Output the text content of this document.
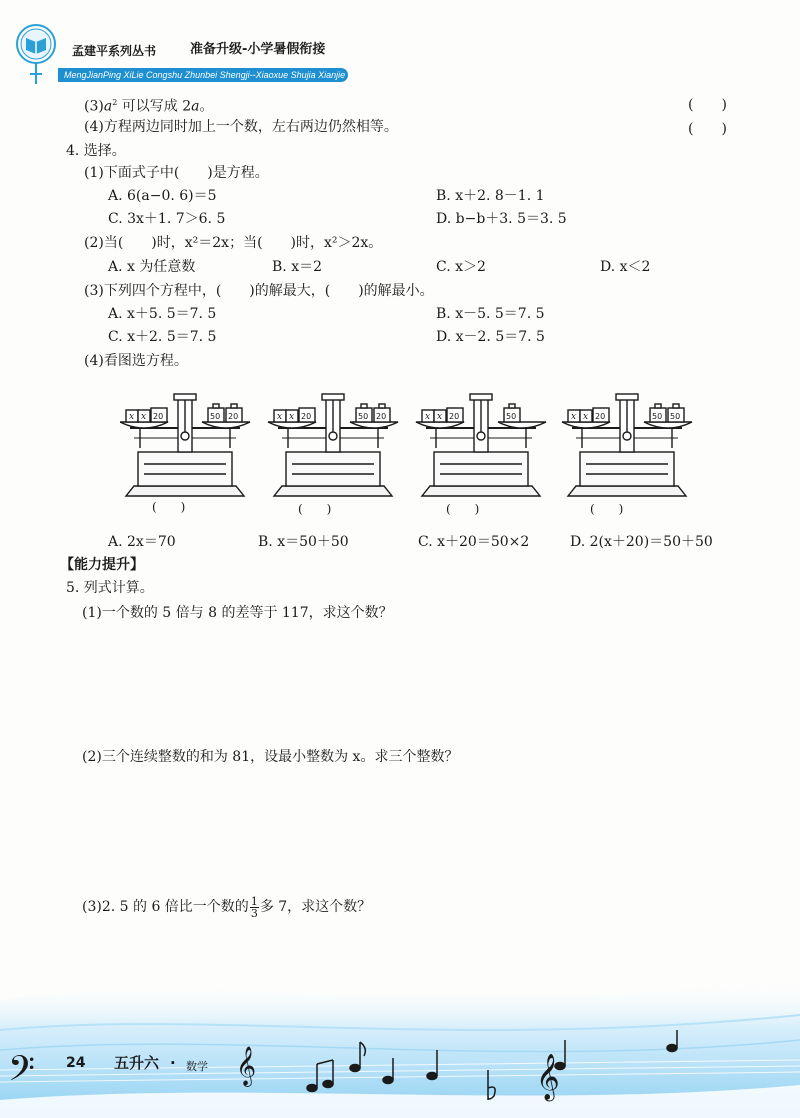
孟建平系列丛书	准备升级-小学暑假衔接
MengJianPing XiLie Congshu Zhunbei Shengji--Xiaoxue Shujia Xianjie
$(3)a^2$ 可以写成 2a。	(　　)
(4)方程两边同时加上一个数，左右两边仍然相等。	(　　)
4. 选择。
(1)下面式子中(　　)是方程。
A. 6(a−0. 6)＝5	B. x＋2. 8－1. 1
C. 3x＋1. 7＞6. 5	D. b−b＋3. 5＝3. 5
(2)当(　　)时，x²＝2x；当(　　)时，x²＞2x。
A. x 为任意数	B. x＝2	C. x＞2	D. x＜2
(3)下列四个方程中，(　　)的解最大，(　　)的解最小。
A. x＋5. 5＝7. 5	B. x－5. 5＝7. 5
C. x＋2. 5＝7. 5	D. x－2. 5＝7. 5
(4)看图选方程。
x x 20	50 20	x x 20	50 20	x x 20	50	x x 20	50 50
(　　)	(　　)	(　　)	(　　)
A. 2x＝70	B. x＝50＋50	C. x＋20＝50×2	D. 2(x＋20)＝50＋50
【能力提升】
5. 列式计算。
(1)一个数的 5 倍与 8 的差等于 117，求这个数？
(2)三个连续整数的和为 81，设最小整数为 x。求三个整数？
(3)2. 5 的 6 倍比一个数的 $\frac{1}{3}$ 多 7，求这个数？
𝄢 24 五升六 · 数学 𝄞	𝄞
